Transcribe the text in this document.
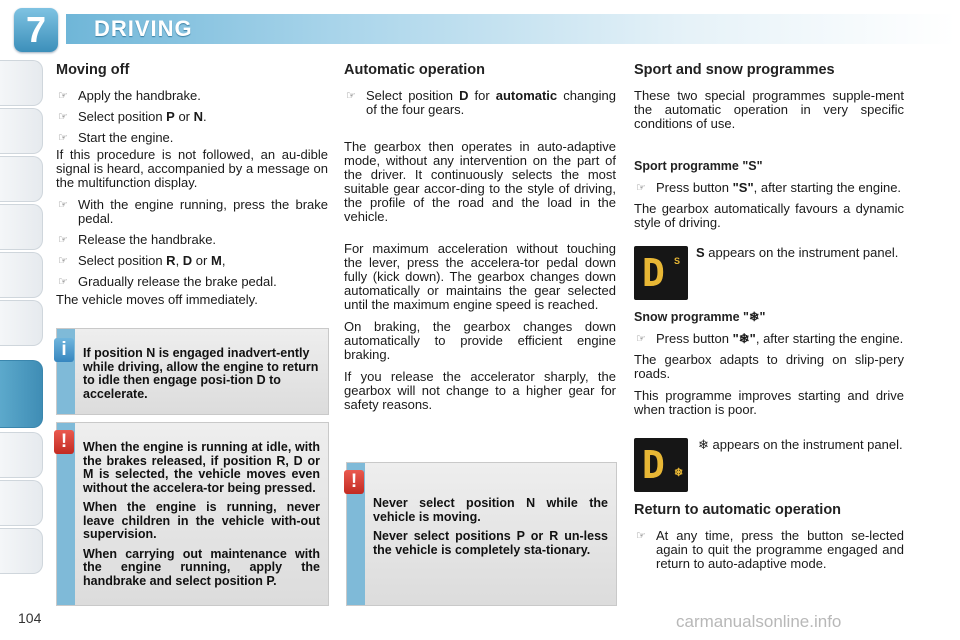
7	DRIVING
Moving off
☞ Apply the handbrake.
☞ Select position P or N.
☞ Start the engine.

If this procedure is not followed, an au-dible signal is heard, accompanied by a message on the multifunction display.

☞ With the engine running, press the brake pedal.
☞ Release the handbrake.
☞ Select position R, D or M,
☞ Gradually release the brake pedal.

The vehicle moves off immediately.

If position N is engaged inadvert-ently while driving, allow the engine to return to idle then engage posi-tion D to accelerate.
i

When the engine is running at idle, with the brakes released, if position R, D or M is selected, the vehicle moves even without the accelera-tor being pressed.

When the engine is running, never leave children in the vehicle with-out supervision.

When carrying out maintenance with the engine running, apply the handbrake and select position P.

!
Automatic operation
☞ Select position D for automatic changing of the four gears.

The gearbox then operates in auto-adaptive mode, without any intervention on the part of the driver. It continuously selects the most suitable gear accor-ding to the style of driving, the profile of the road and the load in the vehicle.

For maximum acceleration without touching the lever, press the accelera-tor pedal down fully (kick down). The gearbox changes down automatically or maintains the gear selected until the maximum engine speed is reached.

On braking, the gearbox changes down automatically to provide efficient engine braking.

If you release the accelerator sharply, the gearbox will not change to a higher gear for safety reasons.

Never select position N while the vehicle is moving.

Never select positions P or R un-less the vehicle is completely sta-tionary.

!
Sport and snow programmes

These two special programmes supple-ment the automatic operation in very specific conditions of use.

Sport programme "S"
☞ Press button "S", after starting the engine.

The gearbox automatically favours a dynamic style of driving.

D S
S appears on the instrument panel.
Snow programme "❄"
☞ Press button "❄", after starting the engine.

The gearbox adapts to driving on slip-pery roads.

This programme improves starting and drive when traction is poor.

D ❄
❄ appears on the instrument panel.
Return to automatic operation
☞ At any time, press the button se-lected again to quit the programme engaged and return to auto-adaptive mode.
104	carmanualsonline.info
